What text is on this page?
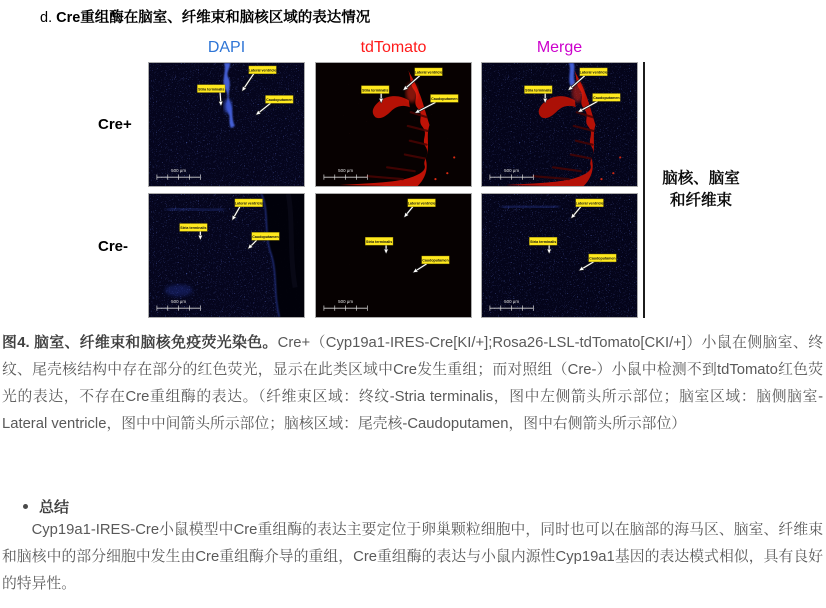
d. Cre重组酶在脑室、纤维束和脑核区域的表达情况
DAPI	tdTomato	Merge
Cre+
Cre-
Stria terminalis
Lateral ventricle
Caudoputamen
500 μm
Stria terminalis
Lateral ventricle
Caudoputamen
500 μm
Stria terminalis
Lateral ventricle
Caudoputamen
500 μm
Stria terminalis
Lateral ventricle
Caudoputamen
500 μm
Stria terminalis
Lateral ventricle
Caudoputamen
500 μm
Stria terminalis
Lateral ventricle
Caudoputamen
500 μm
脑核、脑室
和纤维束

图4. 脑室、纤维束和脑核免疫荧光染色。Cre+（Cyp19a1-IRES-Cre[KI/+];Rosa26-LSL-tdTomato[CKI/+]）小鼠在侧脑室、终纹、尾壳核结构中存在部分的红色荧光，显示在此类区域中Cre发生重组；而对照组（Cre-）小鼠中检测不到tdTomato红色荧光的表达，不存在Cre重组酶的表达。（纤维束区域：终纹-Stria terminalis，图中左侧箭头所示部位；脑室区域：脑侧脑室-Lateral ventricle，图中中间箭头所示部位；脑核区域：尾壳核-Caudoputamen，图中右侧箭头所示部位）

总结

Cyp19a1-IRES-Cre小鼠模型中Cre重组酶的表达主要定位于卵巢颗粒细胞中，同时也可以在脑部的海马区、脑室、纤维束和脑核中的部分细胞中发生由Cre重组酶介导的重组，Cre重组酶的表达与小鼠内源性Cyp19a1基因的表达模式相似，具有良好的特异性。
